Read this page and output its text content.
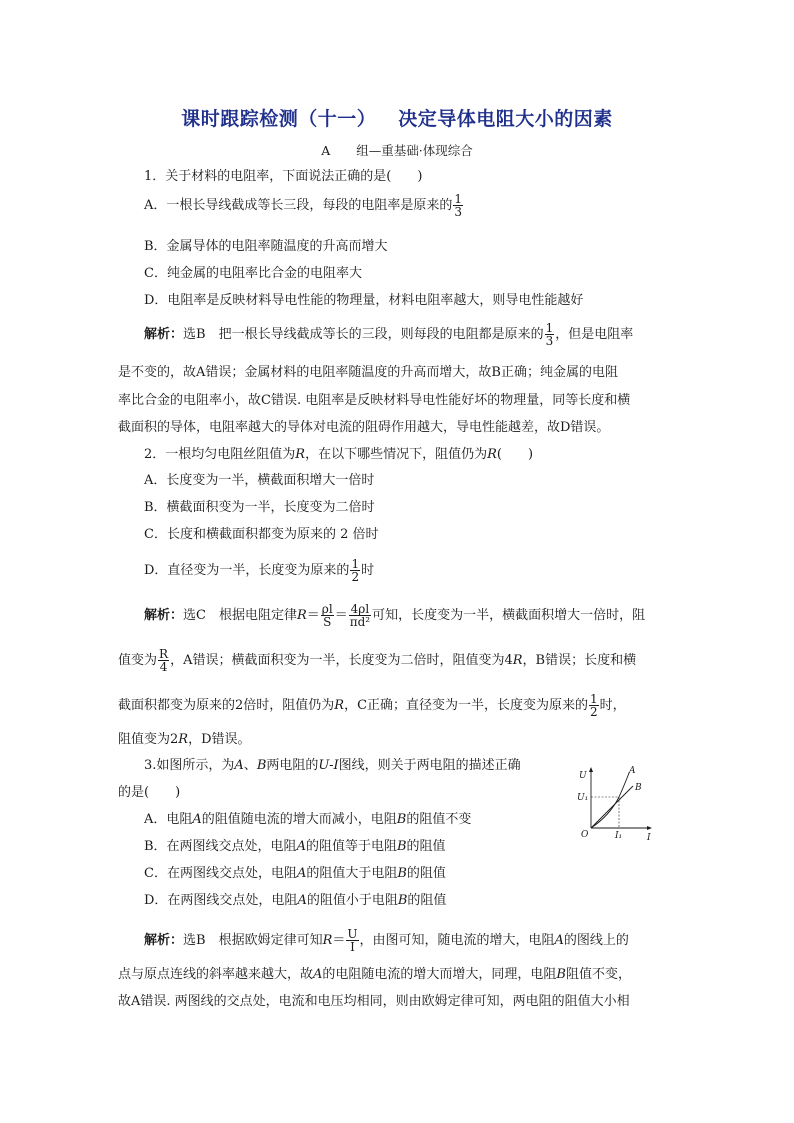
课时跟踪检测（十一） 决定导体电阻大小的因素
A 组—重基础·体现综合
1．关于材料的电阻率，下面说法正确的是(　　)
A．一根长导线截成等长三段，每段的电阻率是原来的 $\frac{1}{3}$
B．金属导体的电阻率随温度的升高而增大
C．纯金属的电阻率比合金的电阻率大
D．电阻率是反映材料导电性能的物理量，材料电阻率越大，则导电性能越好
解析：选B　把一根长导线截成等长的三段，则每段的电阻都是原来的 $\frac{1}{3}$ ，但是电阻率
是不变的，故A错误；金属材料的电阻率随温度的升高而增大，故B正确；纯金属的电阻
率比合金的电阻率小，故C错误. 电阻率是反映材料导电性能好坏的物理量，同等长度和横
截面积的导体，电阻率越大的导体对电流的阻碍作用越大，导电性能越差，故D错误。
2．一根均匀电阻丝阻值为R，在以下哪些情况下，阻值仍为R(　　)
A．长度变为一半，横截面积增大一倍时
B．横截面积变为一半，长度变为二倍时
C．长度和横截面积都变为原来的 2 倍时
D．直径变为一半，长度变为原来的 $\frac{1}{2}$ 时
解析：选C　根据电阻定律$R= \frac{\rho l}{S} = \frac{4\rho l}{\text{πd²}}$ 可知，长度变为一半，横截面积增大一倍时，阻
值变为 $\frac{R}{4}$ ，A错误；横截面积变为一半，长度变为二倍时，阻值变为4R，B错误；长度和横
截面积都变为原来的2倍时，阻值仍为R，C正确；直径变为一半，长度变为原来的 $\frac{1}{2}$ 时，
阻值变为2R，D错误。
3.如图所示，为A、B两电阻的U-I图线，则关于两电阻的描述正确
的是(　　)
A．电阻A的阻值随电流的增大而减小，电阻B的阻值不变
B．在两图线交点处，电阻A的阻值等于电阻B的阻值
C．在两图线交点处，电阻A的阻值大于电阻B的阻值
D．在两图线交点处，电阻A的阻值小于电阻B的阻值
解析：选B　根据欧姆定律可知$R= \frac{U}{I}$ ，由图可知，随电流的增大，电阻A的图线上的
点与原点连线的斜率越来越大，故A的电阻随电流的增大而增大，同理，电阻B阻值不变，
故A错误. 两图线的交点处，电流和电压均相同，则由欧姆定律可知，两电阻的阻值大小相
U
I
O
A
B
U₁
I₁
